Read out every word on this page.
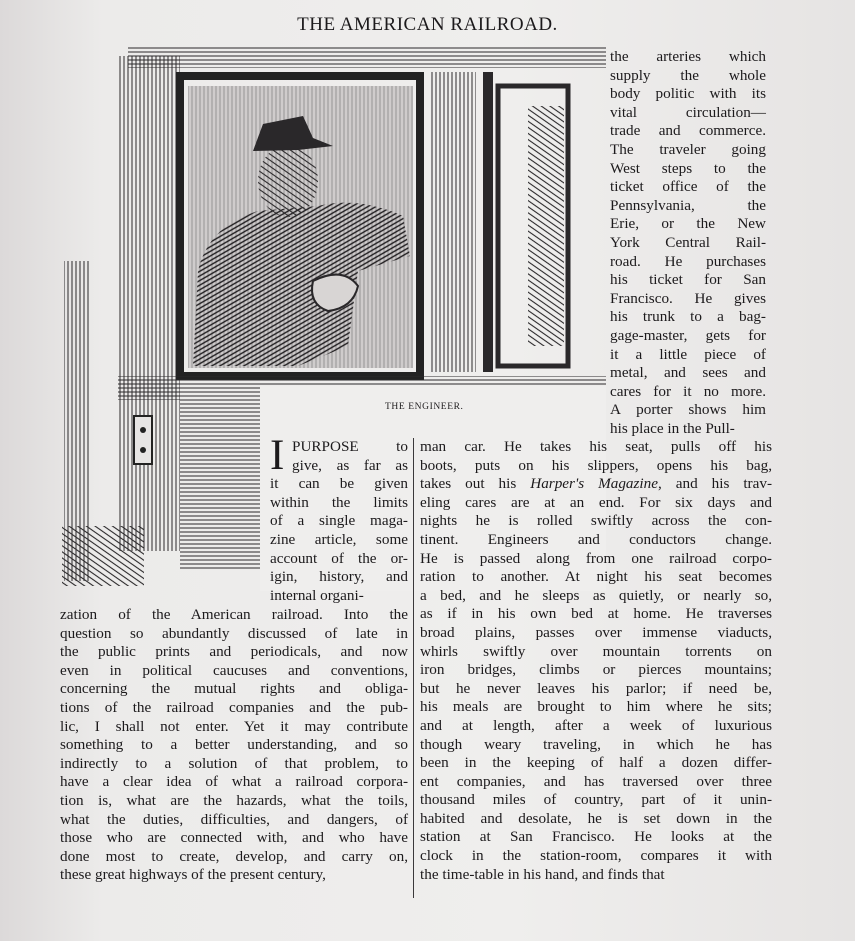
THE AMERICAN RAILROAD.
THE ENGINEER.
the arteries which
supply the whole
body politic with its
vital circulation—
trade and commerce.
The traveler going
West steps to the
ticket office of the
Pennsylvania, the
Erie, or the New
York Central Rail-
road. He purchases
his ticket for San
Francisco. He gives
his trunk to a bag-
gage-master, gets for
it a little piece of
metal, and sees and
cares for it no more.
A porter shows him
his place in the Pull-
I PURPOSE to
give, as far as
it can be given
within the limits
of a single maga-
zine article, some
account of the or-
igin, history, and
internal organi-
zation of the American railroad. Into the
question so abundantly discussed of late in
the public prints and periodicals, and now
even in political caucuses and conventions,
concerning the mutual rights and obliga-
tions of the railroad companies and the pub-
lic, I shall not enter. Yet it may contribute
something to a better understanding, and so
indirectly to a solution of that problem, to
have a clear idea of what a railroad corpora-
tion is, what are the hazards, what the toils,
what the duties, difficulties, and dangers, of
those who are connected with, and who have
done most to create, develop, and carry on,
these great highways of the present century,
man car. He takes his seat, pulls off his
boots, puts on his slippers, opens his bag,
takes out his Harper's Magazine, and his trav-
eling cares are at an end. For six days and
nights he is rolled swiftly across the con-
tinent. Engineers and conductors change.
He is passed along from one railroad corpo-
ration to another. At night his seat becomes
a bed, and he sleeps as quietly, or nearly so,
as if in his own bed at home. He traverses
broad plains, passes over immense viaducts,
whirls swiftly over mountain torrents on
iron bridges, climbs or pierces mountains;
but he never leaves his parlor; if need be,
his meals are brought to him where he sits;
and at length, after a week of luxurious
though weary traveling, in which he has
been in the keeping of half a dozen differ-
ent companies, and has traversed over three
thousand miles of country, part of it unin-
habited and desolate, he is set down in the
station at San Francisco. He looks at the
clock in the station-room, compares it with
the time-table in his hand, and finds that
